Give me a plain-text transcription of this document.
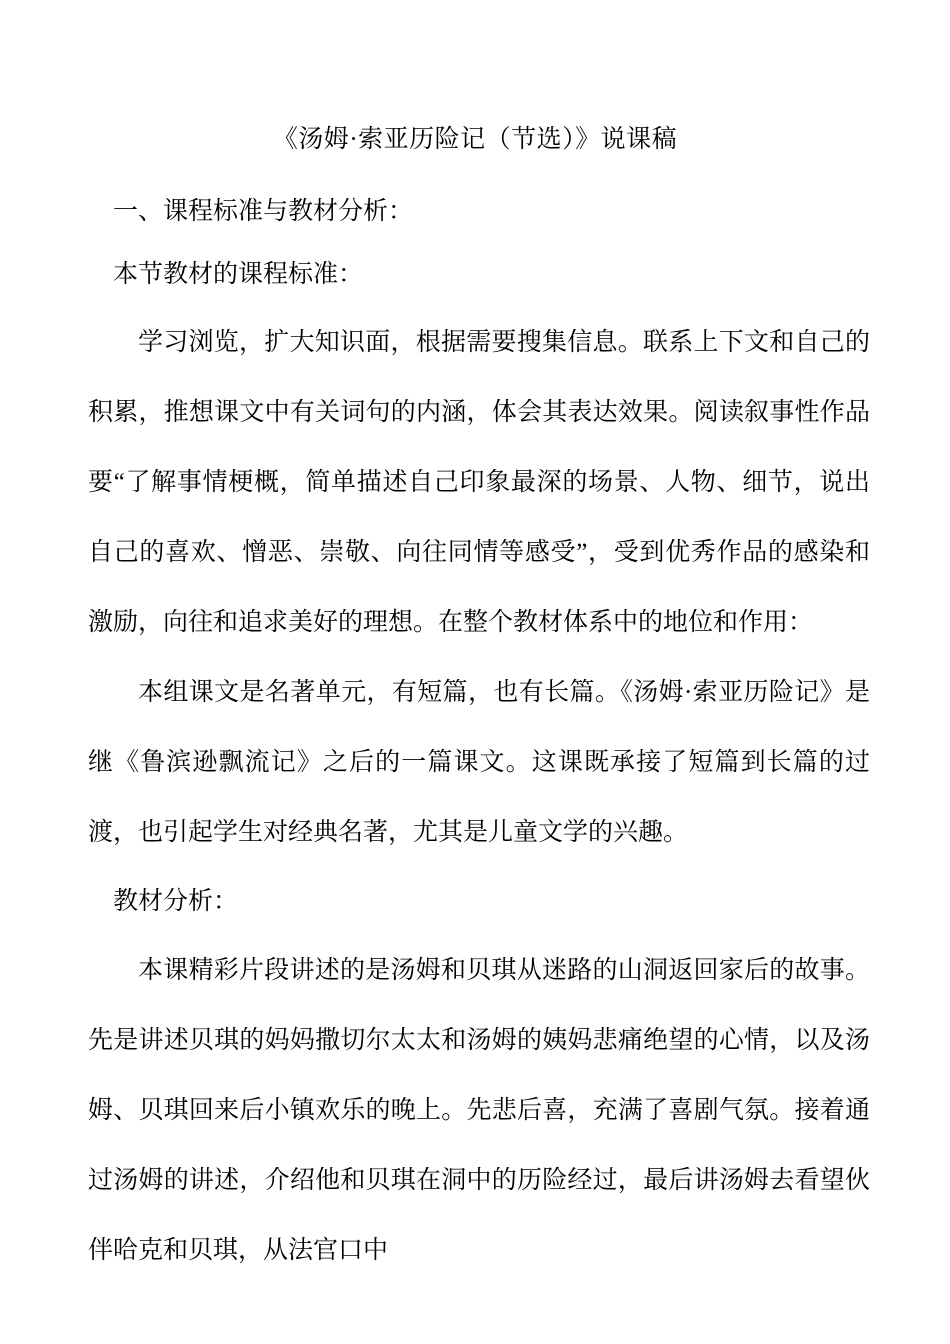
《汤姆·索亚历险记（节选）》说课稿

一、课程标准与教材分析：

本节教材的课程标准：

学习浏览，扩大知识面，根据需要搜集信息。联系上下文和自己的积累，推想课文中有关词句的内涵，体会其表达效果。阅读叙事性作品要“了解事情梗概，简单描述自己印象最深的场景、人物、细节，说出自己的喜欢、憎恶、崇敬、向往同情等感受”，受到优秀作品的感染和激励，向往和追求美好的理想。在整个教材体系中的地位和作用：

本组课文是名著单元，有短篇，也有长篇。《汤姆·索亚历险记》是继《鲁滨逊飘流记》之后的一篇课文。这课既承接了短篇到长篇的过渡，也引起学生对经典名著，尤其是儿童文学的兴趣。

教材分析：

本课精彩片段讲述的是汤姆和贝琪从迷路的山洞返回家后的故事。先是讲述贝琪的妈妈撒切尔太太和汤姆的姨妈悲痛绝望的心情，以及汤姆、贝琪回来后小镇欢乐的晚上。先悲后喜，充满了喜剧气氛。接着通过汤姆的讲述，介绍他和贝琪在洞中的历险经过，最后讲汤姆去看望伙伴哈克和贝琪，从法官口中
